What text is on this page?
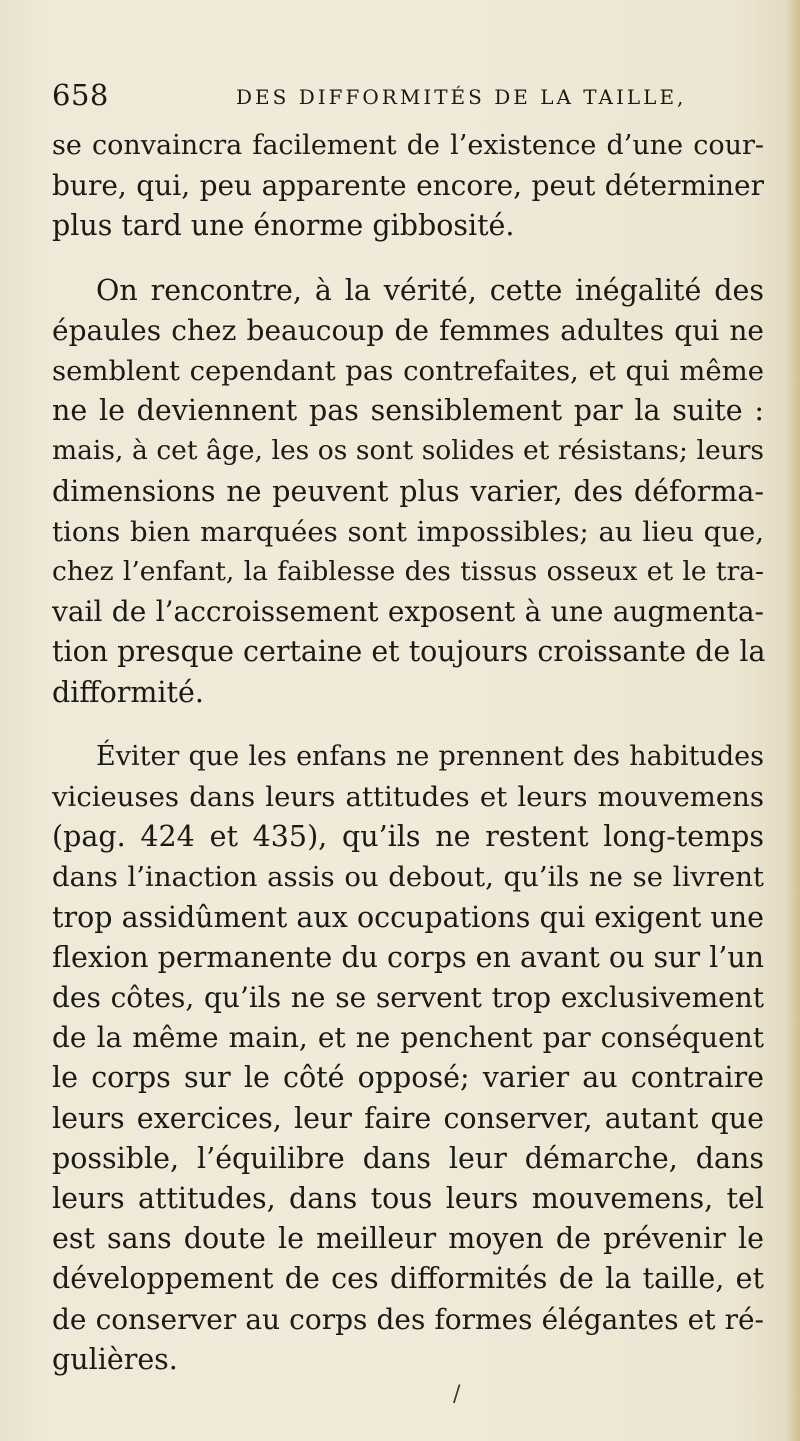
658	DES DIFFORMITÉS DE LA TAILLE,
se convaincra facilement de l’existence d’une cour-
bure, qui, peu apparente encore, peut déterminer
plus tard une énorme gibbosité.
On rencontre, à la vérité, cette inégalité des
épaules chez beaucoup de femmes adultes qui ne
semblent cependant pas contrefaites, et qui même
ne le deviennent pas sensiblement par la suite :
mais, à cet âge, les os sont solides et résistans; leurs
dimensions ne peuvent plus varier, des déforma-
tions bien marquées sont impossibles; au lieu que,
chez l’enfant, la faiblesse des tissus osseux et le tra-
vail de l’accroissement exposent à une augmenta-
tion presque certaine et toujours croissante de la
difformité.
Éviter que les enfans ne prennent des habitudes
vicieuses dans leurs attitudes et leurs mouvemens
(pag. 424 et 435), qu’ils ne restent long-temps
dans l’inaction assis ou debout, qu’ils ne se livrent
trop assidûment aux occupations qui exigent une
flexion permanente du corps en avant ou sur l’un
des côtes, qu’ils ne se servent trop exclusivement
de la même main, et ne penchent par conséquent
le corps sur le côté opposé; varier au contraire
leurs exercices, leur faire conserver, autant que
possible, l’équilibre dans leur démarche, dans
leurs attitudes, dans tous leurs mouvemens, tel
est sans doute le meilleur moyen de prévenir le
développement de ces difformités de la taille, et
de conserver au corps des formes élégantes et ré-
gulières.
/
